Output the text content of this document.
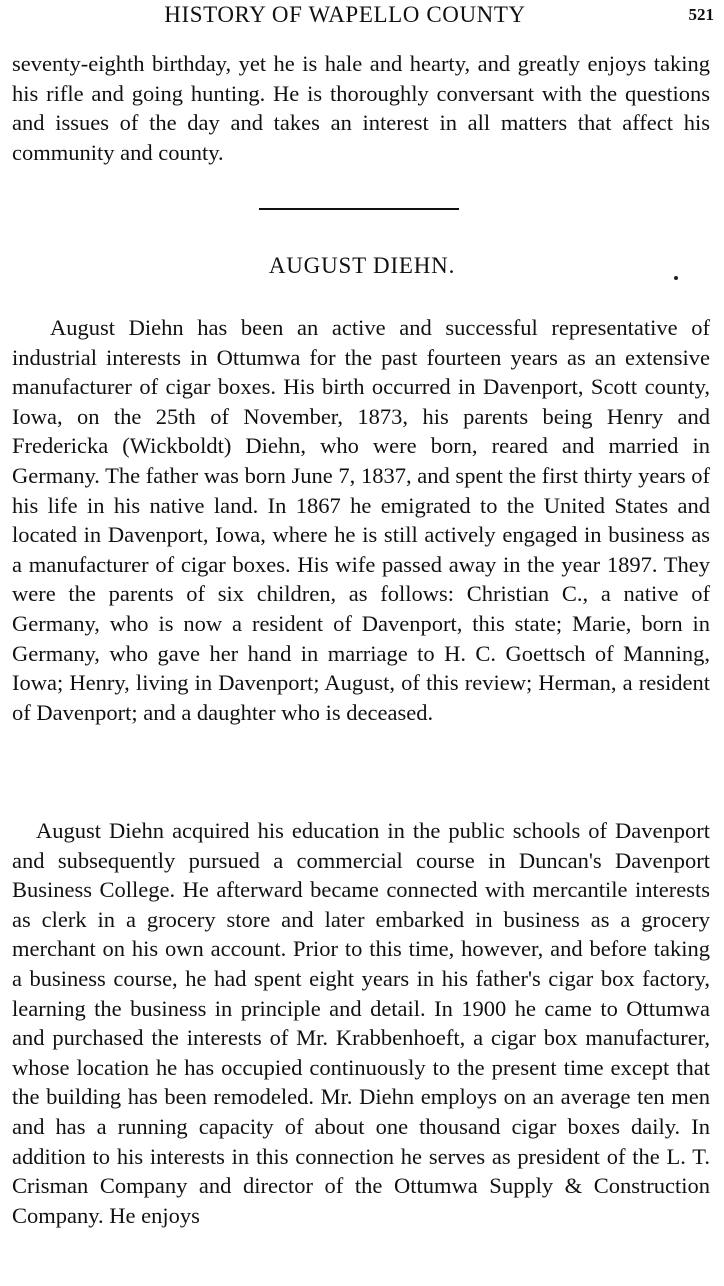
HISTORY OF WAPELLO COUNTY	521

seventy-eighth birthday, yet he is hale and hearty, and greatly enjoys taking his rifle and going hunting. He is thoroughly conversant with the questions and issues of the day and takes an interest in all matters that affect his community and county.

AUGUST DIEHN.

August Diehn has been an active and successful representative of industrial interests in Ottumwa for the past fourteen years as an extensive manufacturer of cigar boxes. His birth occurred in Davenport, Scott county, Iowa, on the 25th of November, 1873, his parents being Henry and Fredericka (Wickboldt) Diehn, who were born, reared and married in Germany. The father was born June 7, 1837, and spent the first thirty years of his life in his native land. In 1867 he emigrated to the United States and located in Davenport, Iowa, where he is still actively engaged in business as a manufacturer of cigar boxes. His wife passed away in the year 1897. They were the parents of six children, as follows: Christian C., a native of Germany, who is now a resident of Davenport, this state; Marie, born in Germany, who gave her hand in marriage to H. C. Goettsch of Manning, Iowa; Henry, living in Davenport; August, of this review; Herman, a resident of Davenport; and a daughter who is deceased.

August Diehn acquired his education in the public schools of Davenport and subsequently pursued a commercial course in Duncan's Davenport Business College. He afterward became connected with mercantile interests as clerk in a grocery store and later embarked in business as a grocery merchant on his own account. Prior to this time, however, and before taking a business course, he had spent eight years in his father's cigar box factory, learning the business in principle and detail. In 1900 he came to Ottumwa and purchased the interests of Mr. Krabbenhoeft, a cigar box manufacturer, whose location he has occupied continuously to the present time except that the building has been remodeled. Mr. Diehn employs on an average ten men and has a running capacity of about one thousand cigar boxes daily. In addition to his interests in this connection he serves as president of the L. T. Crisman Company and director of the Ottumwa Supply & Construction Company. He enjoys
